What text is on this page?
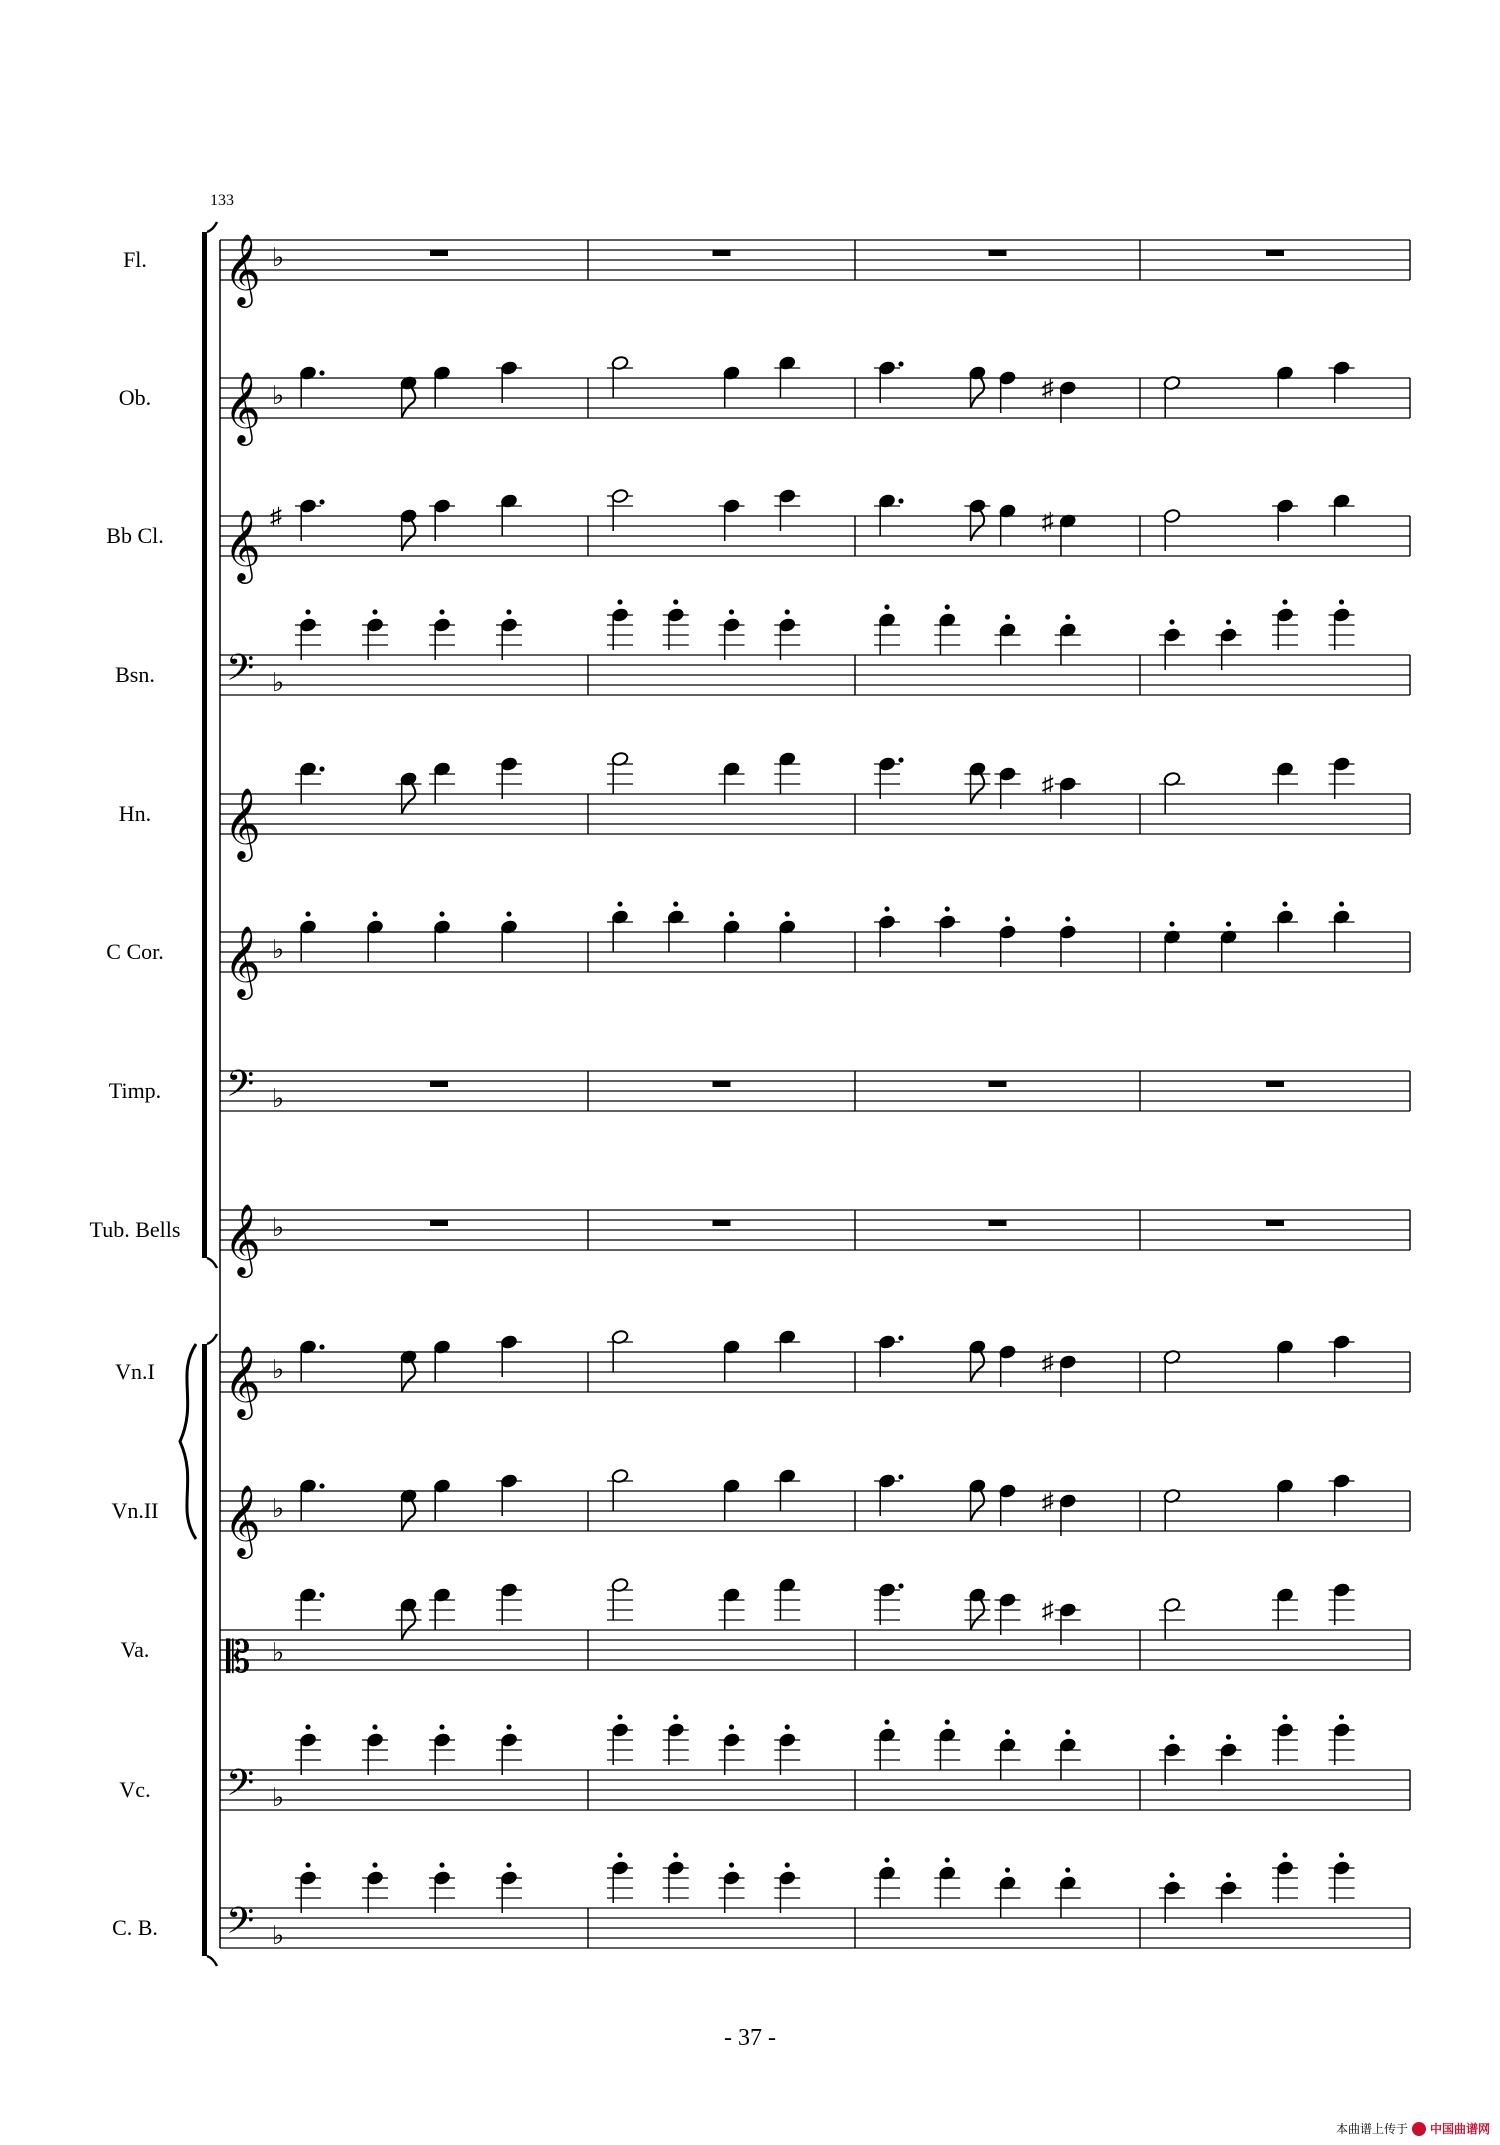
133
Fl. 𝄞 ♭
Ob. 𝄞 ♭	♯
Bb Cl. 𝄞 ♯	♯
Bsn. 𝄢 ♭
Hn. 𝄞
♯
C Cor. 𝄞 ♭
Timp. 𝄢 ♭
Tub. Bells 𝄞 ♭
Vn.I 𝄞 ♭	♯
Vn.II 𝄞 ♭	♯
Va. 𝄡 ♭
♯
Vc. 𝄢 ♭
C. B. 𝄢 ♭
- 37 -
本曲谱上传于 中国曲谱网
